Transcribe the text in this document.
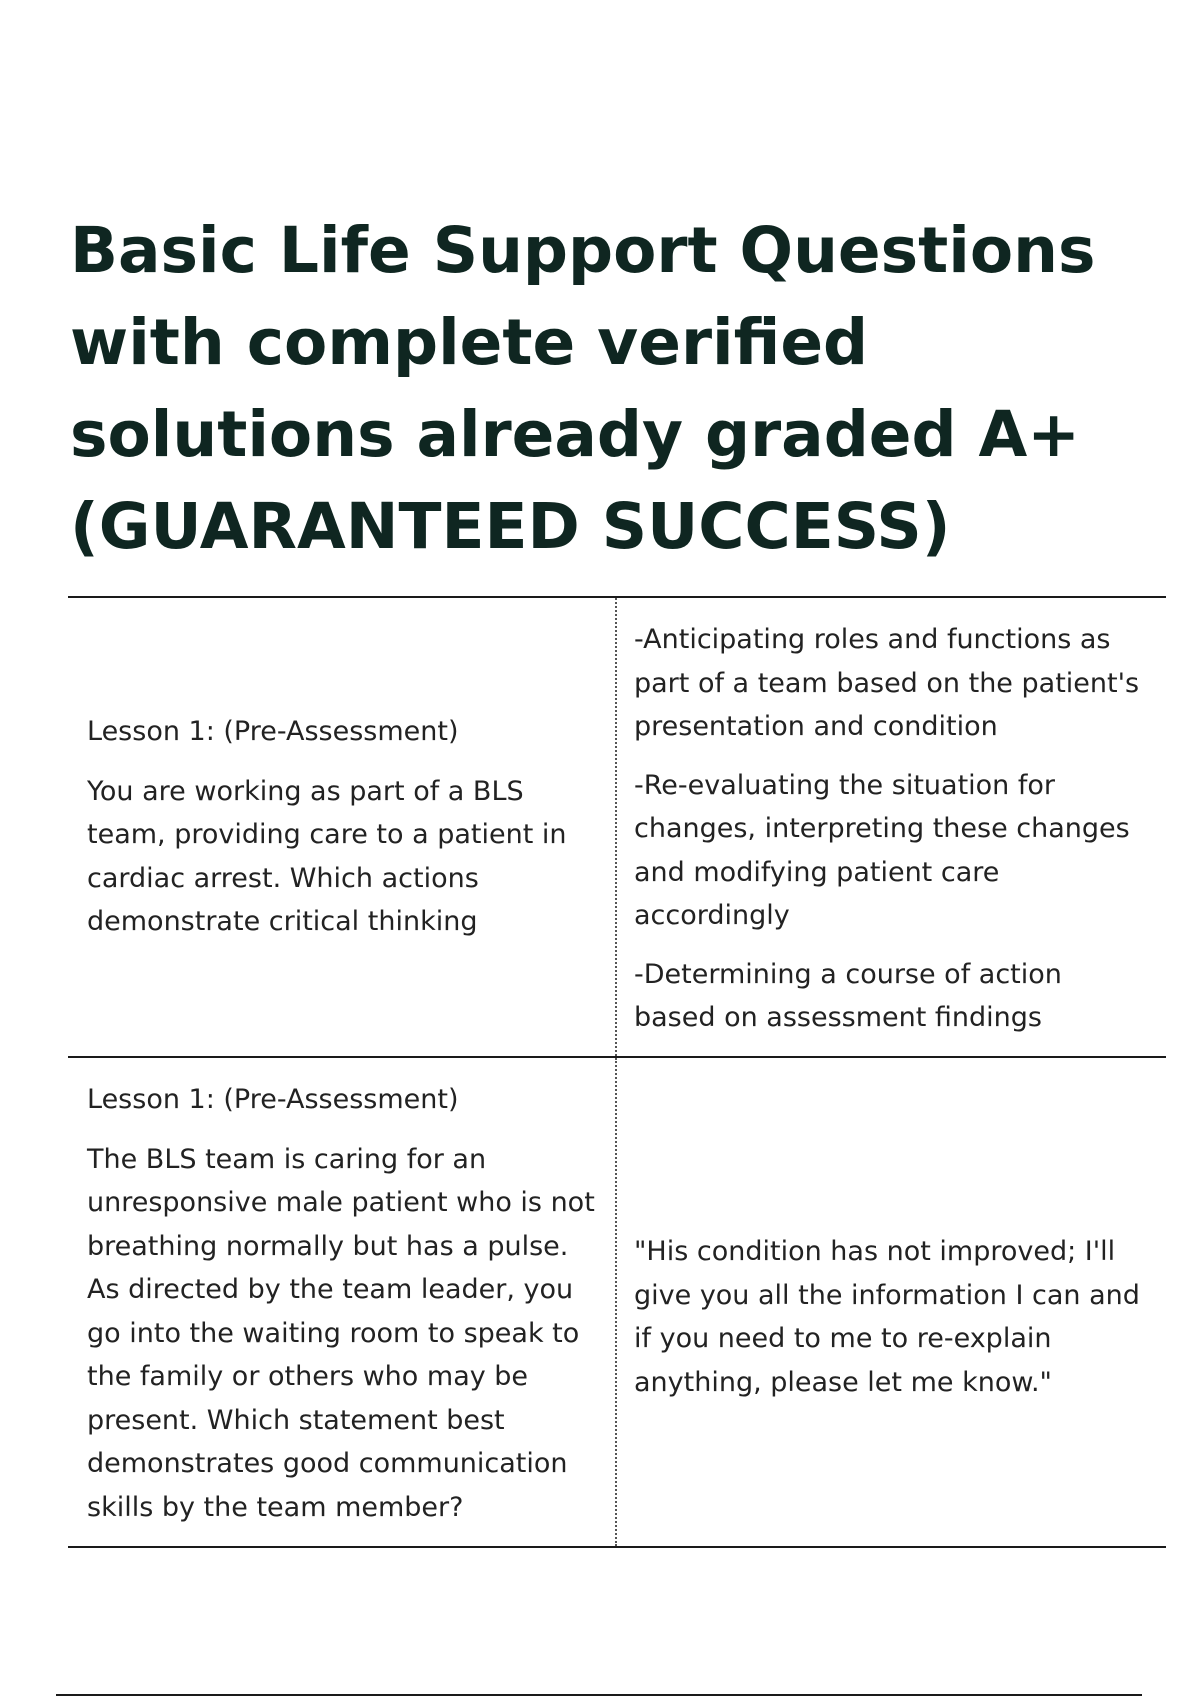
Basic Life Support Questions
with complete verified
solutions already graded A+
(GUARANTEED SUCCESS)

Lesson 1: (Pre-Assessment)

You are working as part of a BLS
team, providing care to a patient in
cardiac arrest. Which actions
demonstrate critical thinking

-Anticipating roles and functions as
part of a team based on the patient's
presentation and condition

-Re-evaluating the situation for
changes, interpreting these changes
and modifying patient care
accordingly

-Determining a course of action
based on assessment findings

Lesson 1: (Pre-Assessment)

The BLS team is caring for an
unresponsive male patient who is not
breathing normally but has a pulse.
As directed by the team leader, you
go into the waiting room to speak to
the family or others who may be
present. Which statement best
demonstrates good communication
skills by the team member?

"His condition has not improved; I'll
give you all the information I can and
if you need to me to re-explain
anything, please let me know."
